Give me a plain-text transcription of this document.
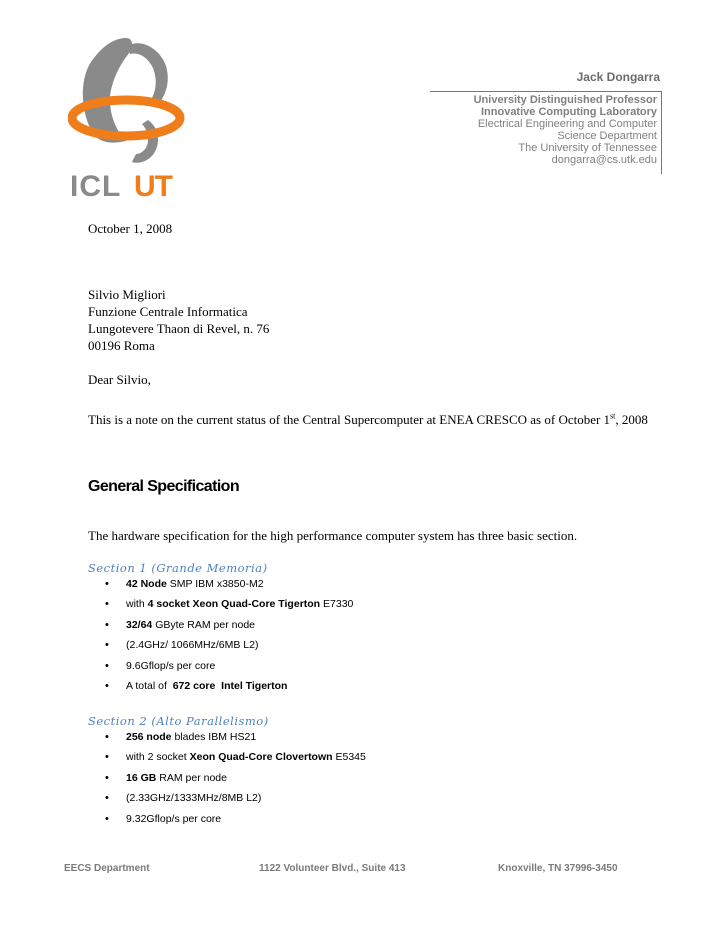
ICL UT
Jack Dongarra
University Distinguished Professor
Innovative Computing Laboratory
Electrical Engineering and Computer
Science Department
The University of Tennessee
dongarra@cs.utk.edu
October 1, 2008
Silvio Migliori
Funzione Centrale Informatica
Lungotevere Thaon di Revel, n. 76
00196 Roma
Dear Silvio,
This is a note on the current status of the Central Supercomputer at ENEA CRESCO as of October 1st, 2008
General Specification
The hardware specification for the high performance computer system has three basic section.
Section 1 (Grande Memoria)
• 42 Node SMP IBM x3850-M2
• with 4 socket Xeon Quad-Core Tigerton E7330
• 32/64 GByte RAM per node
• (2.4GHz/ 1066MHz/6MB L2)
• 9.6Gflop/s per core
• A total of  672 core  Intel Tigerton
Section 2 (Alto Parallelismo)
• 256 node blades IBM HS21
• with 2 socket Xeon Quad-Core Clovertown E5345
• 16 GB RAM per node
• (2.33GHz/1333MHz/8MB L2)
• 9.32Gflop/s per core
EECS Department	1122 Volunteer Blvd., Suite 413	Knoxville, TN 37996-3450
